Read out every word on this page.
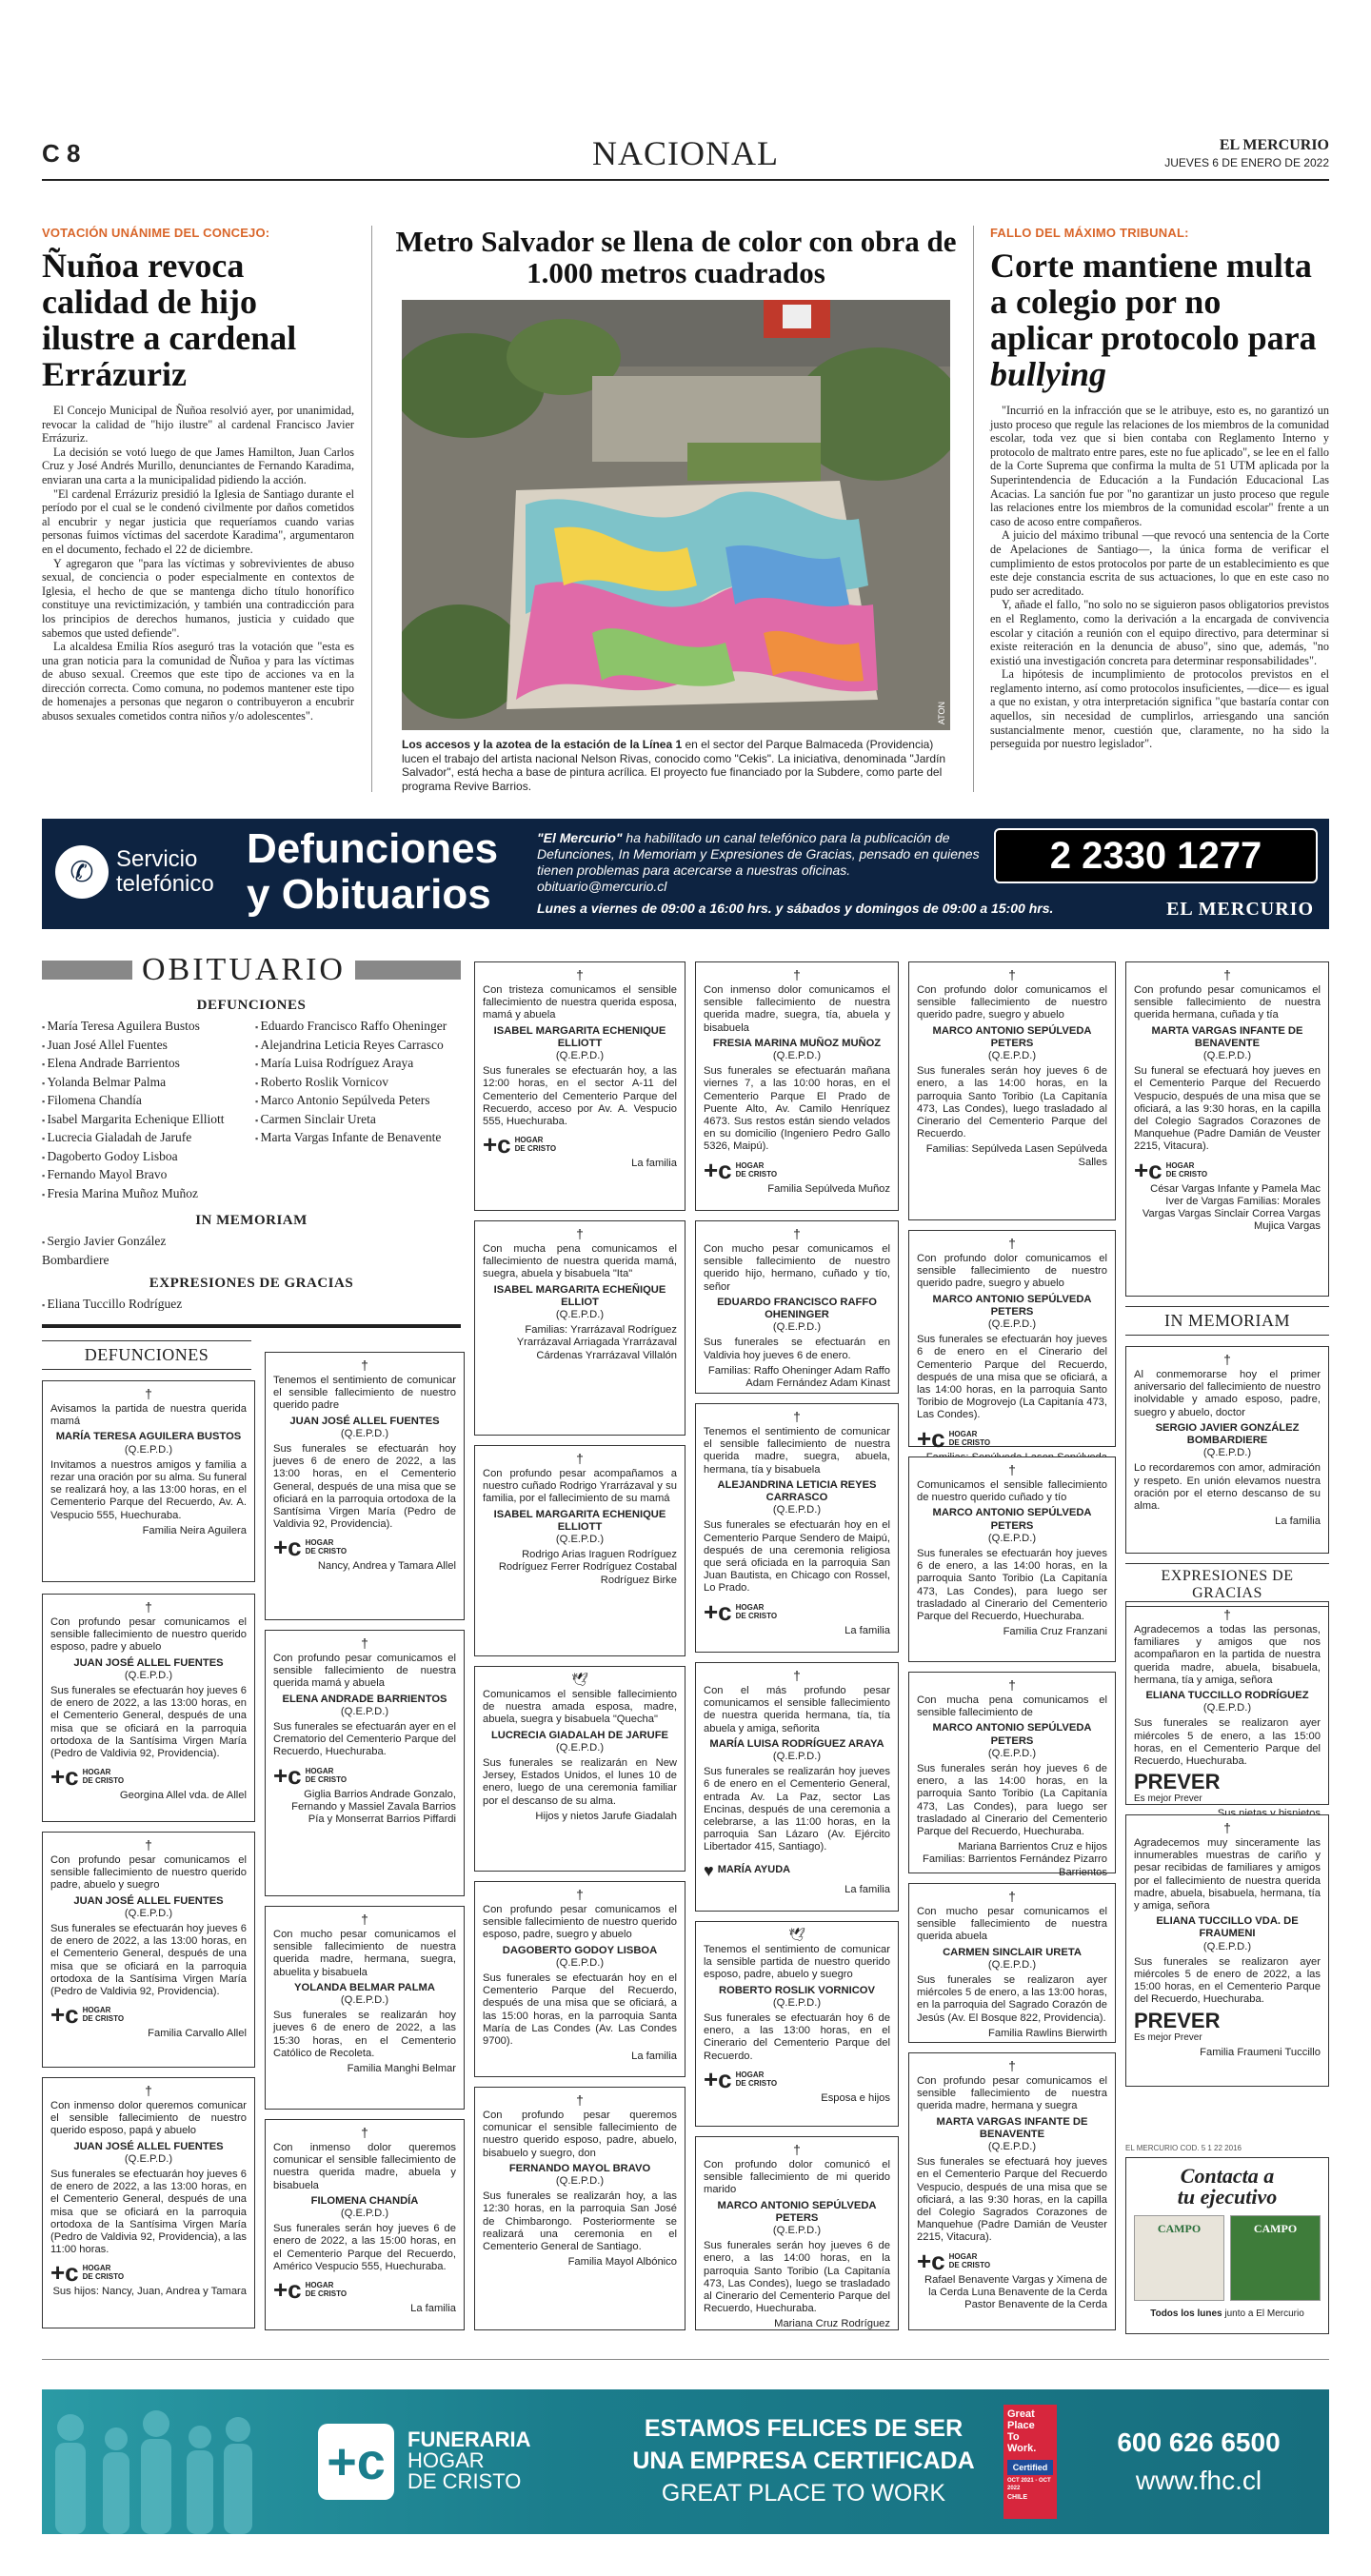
C 8	NACIONAL	EL MERCURIO
JUEVES 6 DE ENERO DE 2022
VOTACIÓN UNÁNIME DEL CONCEJO:
Ñuñoa revoca calidad de hijo ilustre a cardenal Errázuriz

El Concejo Municipal de Ñuñoa resolvió ayer, por unanimidad, revocar la calidad de "hijo ilustre" al cardenal Francisco Javier Errázuriz.

La decisión se votó luego de que James Hamilton, Juan Carlos Cruz y José Andrés Murillo, denunciantes de Fernando Karadima, enviaran una carta a la municipalidad pidiendo la acción.

"El cardenal Errázuriz presidió la Iglesia de Santiago durante el período por el cual se le condenó civilmente por daños cometidos al encubrir y negar justicia que requeríamos cuando varias personas fuimos víctimas del sacerdote Karadima", argumentaron en el documento, fechado el 22 de diciembre.

Y agregaron que "para las víctimas y sobrevivientes de abuso sexual, de conciencia o poder especialmente en contextos de Iglesia, el hecho de que se mantenga dicho título honorífico constituye una revictimización, y también una contradicción para los principios de derechos humanos, justicia y cuidado que sabemos que usted defiende".

La alcaldesa Emilia Ríos aseguró tras la votación que "esta es una gran noticia para la comunidad de Ñuñoa y para las víctimas de abuso sexual. Creemos que este tipo de acciones va en la dirección correcta. Como comuna, no podemos mantener este tipo de homenajes a personas que negaron o contribuyeron a encubrir abusos sexuales cometidos contra niños y/o adolescentes".

Metro Salvador se llena de color con obra de 1.000 metros cuadrados
ATON
Los accesos y la azotea de la estación de la Línea 1 en el sector del Parque Balmaceda (Providencia) lucen el trabajo del artista nacional Nelson Rivas, conocido como "Cekis". La iniciativa, denominada "Jardín Salvador", está hecha a base de pintura acrílica. El proyecto fue financiado por la Subdere, como parte del programa Revive Barrios.
FALLO DEL MÁXIMO TRIBUNAL:
Corte mantiene multa a colegio por no aplicar protocolo para bullying

"Incurrió en la infracción que se le atribuye, esto es, no garantizó un justo proceso que regule las relaciones de los miembros de la comunidad escolar, toda vez que si bien contaba con Reglamento Interno y protocolo de maltrato entre pares, este no fue aplicado", se lee en el fallo de la Corte Suprema que confirma la multa de 51 UTM aplicada por la Superintendencia de Educación a la Fundación Educacional Las Acacias. La sanción fue por "no garantizar un justo proceso que regule las relaciones entre los miembros de la comunidad escolar" frente a un caso de acoso entre compañeros.

A juicio del máximo tribunal —que revocó una sentencia de la Corte de Apelaciones de Santiago—, la única forma de verificar el cumplimiento de estos protocolos por parte de un establecimiento es que este deje constancia escrita de sus actuaciones, lo que en este caso no pudo ser acreditado.

Y, añade el fallo, "no solo no se siguieron pasos obligatorios previstos en el Reglamento, como la derivación a la encargada de convivencia escolar y citación a reunión con el equipo directivo, para determinar si existe reiteración en la denuncia de abuso", sino que, además, "no existió una investigación concreta para determinar responsabilidades".

La hipótesis de incumplimiento de protocolos previstos en el reglamento interno, así como protocolos insuficientes, —dice— es igual a que no existan, y otra interpretación significa "que bastaría contar con aquellos, sin necesidad de cumplirlos, arriesgando una sanción sustancialmente menor, cuestión que, claramente, no ha sido la perseguida por nuestro legislador".

✆ Servicio
telefónico
Defunciones
y Obituarios
"El Mercurio" ha habilitado un canal telefónico para la publicación de Defunciones, In Memoriam y Expresiones de Gracias, pensado en quienes tienen problemas para acercarse a nuestras oficinas.
obituario@mercurio.cl
Lunes a viernes de 09:00 a 16:00 hrs. y sábados y domingos de 09:00 a 15:00 hrs.
2 2330 1277
EL MERCURIO
OBITUARIO
DEFUNCIONES
▪ María Teresa Aguilera Bustos
▪ Juan José Allel Fuentes
▪ Elena Andrade Barrientos
▪ Yolanda Belmar Palma
▪ Filomena Chandía
▪ Isabel Margarita Echenique Elliott
▪ Lucrecia Gialadah de Jarufe
▪ Dagoberto Godoy Lisboa
▪ Fernando Mayol Bravo
▪ Fresia Marina Muñoz Muñoz
▪ Eduardo Francisco Raffo Oheninger
▪ Alejandrina Leticia Reyes Carrasco
▪ María Luisa Rodríguez Araya
▪ Roberto Roslik Vornicov
▪ Marco Antonio Sepúlveda Peters
▪ Carmen Sinclair Ureta
▪ Marta Vargas Infante de Benavente
IN MEMORIAM
▪ Sergio Javier González Bombardiere
EXPRESIONES DE GRACIAS
▪ Eliana Tuccillo Rodríguez
DEFUNCIONES
†
Avisamos la partida de nuestra querida mamá
MARÍA TERESA AGUILERA BUSTOS
(Q.E.P.D.)
Invitamos a nuestros amigos y familia a rezar una oración por su alma. Su funeral se realizará hoy, a las 13:00 horas, en el Cementerio Parque del Recuerdo, Av. A. Vespucio 555, Huechuraba.
Familia Neira Aguilera
†
Con profundo pesar comunicamos el sensible fallecimiento de nuestro querido esposo, padre y abuelo
JUAN JOSÉ ALLEL FUENTES
(Q.E.P.D.)
Sus funerales se efectuarán hoy jueves 6 de enero de 2022, a las 13:00 horas, en el Cementerio General, después de una misa que se oficiará en la parroquia ortodoxa de la Santísima Virgen María (Pedro de Valdivia 92, Providencia).
+c HOGAR
DE CRISTO
Georgina Allel vda. de Allel
†
Con profundo pesar comunicamos el sensible fallecimiento de nuestro querido padre, abuelo y suegro
JUAN JOSÉ ALLEL FUENTES
(Q.E.P.D.)
Sus funerales se efectuarán hoy jueves 6 de enero de 2022, a las 13:00 horas, en el Cementerio General, después de una misa que se oficiará en la parroquia ortodoxa de la Santísima Virgen María (Pedro de Valdivia 92, Providencia).
+c HOGAR
DE CRISTO
Familia Carvallo Allel
†
Con inmenso dolor queremos comunicar el sensible fallecimiento de nuestro querido esposo, papá y abuelo
JUAN JOSÉ ALLEL FUENTES
(Q.E.P.D.)
Sus funerales se efectuarán hoy jueves 6 de enero de 2022, a las 13:00 horas, en el Cementerio General, después de una misa que se oficiará en la parroquia ortodoxa de la Santísima Virgen María (Pedro de Valdivia 92, Providencia), a las 11:00 horas.
+c HOGAR
DE CRISTO
Sus hijos: Nancy, Juan, Andrea y Tamara
†
Tenemos el sentimiento de comunicar el sensible fallecimiento de nuestro querido padre
JUAN JOSÉ ALLEL FUENTES
(Q.E.P.D.)
Sus funerales se efectuarán hoy jueves 6 de enero de 2022, a las 13:00 horas, en el Cementerio General, después de una misa que se oficiará en la parroquia ortodoxa de la Santísima Virgen María (Pedro de Valdivia 92, Providencia).
+c HOGAR
DE CRISTO
Nancy, Andrea y Tamara Allel
†
Con profundo pesar comunicamos el sensible fallecimiento de nuestra querida mamá y abuela
ELENA ANDRADE BARRIENTOS
(Q.E.P.D.)
Sus funerales se efectuarán ayer en el Crematorio del Cementerio Parque del Recuerdo, Huechuraba.
+c HOGAR
DE CRISTO
Giglia Barrios Andrade Gonzalo, Fernando y Massiel Zavala Barrios Pía y Monserrat Barrios Piffardi
†
Con mucho pesar comunicamos el sensible fallecimiento de nuestra querida madre, hermana, suegra, abuelita y bisabuela
YOLANDA BELMAR PALMA
(Q.E.P.D.)
Sus funerales se realizarán hoy jueves 6 de enero de 2022, a las 15:30 horas, en el Cementerio Católico de Recoleta.
Familia Manghi Belmar
†
Con inmenso dolor queremos comunicar el sensible fallecimiento de nuestra querida madre, abuela y bisabuela
FILOMENA CHANDÍA
(Q.E.P.D.)
Sus funerales serán hoy jueves 6 de enero de 2022, a las 15:00 horas, en el Cementerio Parque del Recuerdo, Américo Vespucio 555, Huechuraba.
+c HOGAR
DE CRISTO
La familia
†
Con tristeza comunicamos el sensible fallecimiento de nuestra querida esposa, mamá y abuela
ISABEL MARGARITA ECHENIQUE ELLIOTT
(Q.E.P.D.)
Sus funerales se efectuarán hoy, a las 12:00 horas, en el sector A-11 del Cementerio del Cementerio Parque del Recuerdo, acceso por Av. A. Vespucio 555, Huechuraba.
+c HOGAR
DE CRISTO
La familia
†
Con mucha pena comunicamos el fallecimiento de nuestra querida mamá, suegra, abuela y bisabuela "Ita"
ISABEL MARGARITA ECHEÑIQUE ELLIOT
(Q.E.P.D.)
Familias: Yrarrázaval Rodríguez Yrarrázaval Arriagada Yrarrázaval Cárdenas Yrarrázaval Villalón
†
Con profundo pesar acompañamos a nuestro cuñado Rodrigo Yrarrázaval y su familia, por el fallecimiento de su mamá
ISABEL MARGARITA ECHENIQUE ELLIOTT
(Q.E.P.D.)
Rodrigo Arias Iraguen Rodríguez Rodríguez Ferrer Rodríguez Costabal Rodríguez Birke
🕊
Comunicamos el sensible fallecimiento de nuestra amada esposa, madre, abuela, suegra y bisabuela "Quecha"
LUCRECIA GIADALAH DE JARUFE
(Q.E.P.D.)
Sus funerales se realizarán en New Jersey, Estados Unidos, el lunes 10 de enero, luego de una ceremonia familiar por el descanso de su alma.
Hijos y nietos Jarufe Giadalah
†
Con profundo pesar comunicamos el sensible fallecimiento de nuestro querido esposo, padre, suegro y abuelo
DAGOBERTO GODOY LISBOA
(Q.E.P.D.)
Sus funerales se efectuarán hoy en el Cementerio Parque del Recuerdo, después de una misa que se oficiará, a las 15:00 horas, en la parroquia Santa María de Las Condes (Av. Las Condes 9700).
La familia
†
Con profundo pesar queremos comunicar el sensible fallecimiento de nuestro querido esposo, padre, abuelo, bisabuelo y suegro, don
FERNANDO MAYOL BRAVO
(Q.E.P.D.)
Sus funerales se realizarán hoy, a las 12:30 horas, en la parroquia San José de Chimbarongo. Posteriormente se realizará una ceremonia en el Cementerio General de Santiago.
Familia Mayol Albónico
†
Con inmenso dolor comunicamos el sensible fallecimiento de nuestra querida madre, suegra, tía, abuela y bisabuela
FRESIA MARINA MUÑOZ MUÑOZ
(Q.E.P.D.)
Sus funerales se efectuarán mañana viernes 7, a las 10:00 horas, en el Cementerio Parque El Prado de Puente Alto, Av. Camilo Henríquez 4673. Sus restos están siendo velados en su domicilio (Ingeniero Pedro Gallo 5326, Maipú).
+c HOGAR
DE CRISTO
Familia Sepúlveda Muñoz
†
Con mucho pesar comunicamos el sensible fallecimiento de nuestro querido hijo, hermano, cuñado y tío, señor
EDUARDO FRANCISCO RAFFO OHENINGER
(Q.E.P.D.)
Sus funerales se efectuarán en Valdivia hoy jueves 6 de enero.
Familias: Raffo Oheninger Adam Raffo Adam Fernández Adam Kinast
†
Tenemos el sentimiento de comunicar el sensible fallecimiento de nuestra querida madre, suegra, abuela, hermana, tía y bisabuela
ALEJANDRINA LETICIA REYES CARRASCO
(Q.E.P.D.)
Sus funerales se efectuarán hoy en el Cementerio Parque Sendero de Maipú, después de una ceremonia religiosa que será oficiada en la parroquia San Juan Bautista, en Chicago con Rossel, Lo Prado.
+c HOGAR
DE CRISTO
La familia
†
Con el más profundo pesar comunicamos el sensible fallecimiento de nuestra querida hermana, tía, tía abuela y amiga, señorita
MARÍA LUISA RODRÍGUEZ ARAYA
(Q.E.P.D.)
Sus funerales se realizarán hoy jueves 6 de enero en el Cementerio General, entrada Av. La Paz, sector Las Encinas, después de una ceremonia a celebrarse, a las 11:00 horas, en la parroquia San Lázaro (Av. Ejército Libertador 415, Santiago).
♥ MARÍA AYUDA
La familia
🕊
Tenemos el sentimiento de comunicar la sensible partida de nuestro querido esposo, padre, abuelo y suegro
ROBERTO ROSLIK VORNICOV
(Q.E.P.D.)
Sus funerales se efectuarán hoy 6 de enero, a las 13:00 horas, en el Cinerario del Cementerio Parque del Recuerdo.
+c HOGAR
DE CRISTO
Esposa e hijos
†
Con profundo dolor comunicó el sensible fallecimiento de mi querido marido
MARCO ANTONIO SEPÚLVEDA PETERS
(Q.E.P.D.)
Sus funerales serán hoy jueves 6 de enero, a las 14:00 horas, en la parroquia Santo Toribio (La Capitanía 473, Las Condes), luego se trasladado al Cinerario del Cementerio Parque del Recuerdo, Huechuraba.
Mariana Cruz Rodríguez
†
Con profundo dolor comunicamos el sensible fallecimiento de nuestro querido padre, suegro y abuelo
MARCO ANTONIO SEPÚLVEDA PETERS
(Q.E.P.D.)
Sus funerales serán hoy jueves 6 de enero, a las 14:00 horas, en la parroquia Santo Toribio (La Capitanía 473, Las Condes), luego trasladado al Cinerario del Cementerio Parque del Recuerdo.
Familias: Sepúlveda Lasen Sepúlveda Salles
†
Con profundo dolor comunicamos el sensible fallecimiento de nuestro querido padre, suegro y abuelo
MARCO ANTONIO SEPÚLVEDA PETERS
(Q.E.P.D.)
Sus funerales se efectuarán hoy jueves 6 de enero en el Cinerario del Cementerio Parque del Recuerdo, después de una misa que se oficiará, a las 14:00 horas, en la parroquia Santo Toribio de Mogrovejo (La Capitanía 473, Las Condes).
+c HOGAR
DE CRISTO
†
Comunicamos el sensible fallecimiento de nuestro querido cuñado y tío
MARCO ANTONIO SEPÚLVEDA PETERS
(Q.E.P.D.)
Sus funerales se efectuarán hoy jueves 6 de enero, a las 14:00 horas, en la parroquia Santo Toribio (La Capitanía 473, Las Condes), para luego ser trasladado al Cinerario del Cementerio Parque del Recuerdo, Huechuraba.
Familia Cruz Franzani
†
Con mucha pena comunicamos el sensible fallecimiento de
MARCO ANTONIO SEPÚLVEDA PETERS
(Q.E.P.D.)
Sus funerales serán hoy jueves 6 de enero, a las 14:00 horas, en la parroquia Santo Toribio (La Capitanía 473, Las Condes), para luego ser trasladado al Cinerario del Cementerio Parque del Recuerdo, Huechuraba.
Mariana Barrientos Cruz e hijos Familias: Barrientos Fernández Pizarro Barrientos
†
Con mucho pesar comunicamos el sensible fallecimiento de nuestra querida abuela
CARMEN SINCLAIR URETA
(Q.E.P.D.)
Sus funerales se realizaron ayer miércoles 5 de enero, a las 13:00 horas, en la parroquia del Sagrado Corazón de Jesús (Av. El Bosque 822, Providencia).
Familia Rawlins Bierwirth
†
Con profundo pesar comunicamos el sensible fallecimiento de nuestra querida madre, hermana y suegra
MARTA VARGAS INFANTE DE BENAVENTE
(Q.E.P.D.)
Sus funerales se efectuará hoy jueves en el Cementerio Parque del Recuerdo Vespucio, después de una misa que se oficiará, a las 9:30 horas, en la capilla del Colegio Sagrados Corazones de Manquehue (Padre Damián de Veuster 2215, Vitacura).
+c HOGAR
DE CRISTO
Rafael Benavente Vargas y Ximena de la Cerda Luna Benavente de la Cerda Pastor Benavente de la Cerda
†
Con profundo pesar comunicamos el sensible fallecimiento de nuestra querida hermana, cuñada y tía
MARTA VARGAS INFANTE DE BENAVENTE
(Q.E.P.D.)
Su funeral se efectuará hoy jueves en el Cementerio Parque del Recuerdo Vespucio, después de una misa que se oficiará, a las 9:30 horas, en la capilla del Colegio Sagrados Corazones de Manquehue (Padre Damián de Veuster 2215, Vitacura).
+c HOGAR
DE CRISTO
César Vargas Infante y Pamela Mac Iver de Vargas Familias: Morales Vargas Vargas Sinclair Correa Vargas Mujica Vargas
†
Al conmemorarse hoy el primer aniversario del fallecimiento de nuestro inolvidable y amado esposo, padre, suegro y abuelo, doctor
SERGIO JAVIER GONZÁLEZ BOMBARDIERE
(Q.E.P.D.)
Lo recordaremos con amor, admiración y respeto. En unión elevamos nuestra oración por el eterno descanso de su alma.
La familia
†
Agradecemos a todas las personas, familiares y amigos que nos acompañaron en la partida de nuestra querida madre, abuela, bisabuela, hermana, tía y amiga, señora
ELIANA TUCCILLO RODRÍGUEZ
(Q.E.P.D.)
Sus funerales se realizaron ayer miércoles 5 de enero, a las 15:00 horas, en el Cementerio Parque del Recuerdo, Huechuraba.
PREVER
Es mejor Prever
†
Agradecemos muy sinceramente las innumerables muestras de cariño y pesar recibidas de familiares y amigos por el fallecimiento de nuestra querida madre, abuela, bisabuela, hermana, tía y amiga, señora
ELIANA TUCCILLO VDA. DE FRAUMENI
(Q.E.P.D.)
Sus funerales se realizaron ayer miércoles 5 de enero de 2022, a las 15:00 horas, en el Cementerio Parque del Recuerdo, Huechuraba.
PREVER
Es mejor Prever
Familia Fraumeni Tuccillo
IN MEMORIAM
EXPRESIONES DE GRACIAS
EL MERCURIO COD. 5 1 22 2016
Contacta a
tu ejecutivo
CAMPO	CAMPO
Todos los lunes junto a El Mercurio
+c	FUNERARIA
HOGAR
DE CRISTO
ESTAMOS FELICES DE SER
UNA EMPRESA CERTIFICADA
GREAT PLACE TO WORK
Great
Place
To
Work.
Certified
OCT 2021 - OCT 2022
CHILE
600 626 6500
www.fhc.cl
